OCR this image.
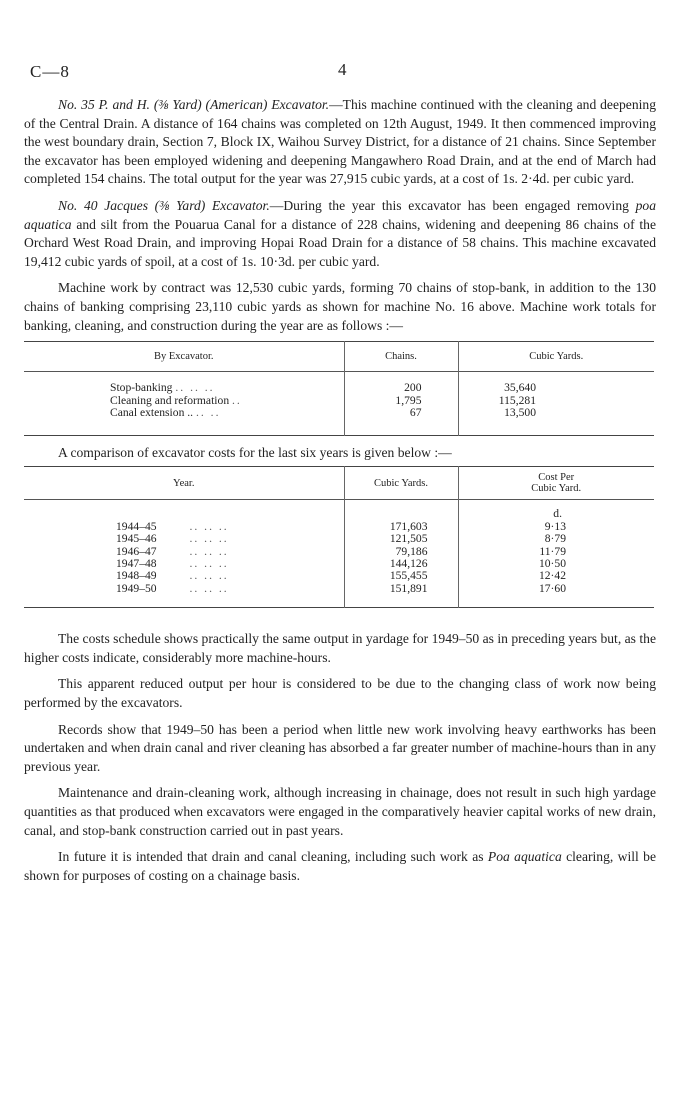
C—8	4

No. 35 P. and H. (⅜ Yard) (American) Excavator.—This machine continued with the cleaning and deepening of the Central Drain. A distance of 164 chains was completed on 12th August, 1949. It then commenced improving the west boundary drain, Section 7, Block IX, Waihou Survey District, for a distance of 21 chains. Since September the excavator has been employed widening and deepening Mangawhero Road Drain, and at the end of March had completed 154 chains. The total output for the year was 27,915 cubic yards, at a cost of 1s. 2·4d. per cubic yard.

No. 40 Jacques (⅜ Yard) Excavator.—During the year this excavator has been engaged removing poa aquatica and silt from the Pouarua Canal for a distance of 228 chains, widening and deepening 86 chains of the Orchard West Road Drain, and improving Hopai Road Drain for a distance of 58 chains. This machine excavated 19,412 cubic yards of spoil, at a cost of 1s. 10·3d. per cubic yard.

Machine work by contract was 12,530 cubic yards, forming 70 chains of stop-bank, in addition to the 130 chains of banking comprising 23,110 cubic yards as shown for machine No. 16 above. Machine work totals for banking, cleaning, and construction during the year are as follows :—

By Excavator.	Chains.	Cubic Yards.

Stop-banking .. .. ..	200	35,640
Cleaning and reformation ..	1,795	115,281
Canal extension .. .. ..	67	13,500

A comparison of excavator costs for the last six years is given below :—

Year.	Cubic Yards.	Cost Per
Cubic Yard.

		d.
1944–45 .. .. ..	171,603	9·13
1945–46 .. .. ..	121,505	8·79
1946–47 .. .. ..	79,186	11·79
1947–48 .. .. ..	144,126	10·50
1948–49 .. .. ..	155,455	12·42
1949–50 .. .. ..	151,891	17·60

The costs schedule shows practically the same output in yardage for 1949–50 as in preceding years but, as the higher costs indicate, considerably more machine-hours.

This apparent reduced output per hour is considered to be due to the changing class of work now being performed by the excavators.

Records show that 1949–50 has been a period when little new work involving heavy earthworks has been undertaken and when drain canal and river cleaning has absorbed a far greater number of machine-hours than in any previous year.

Maintenance and drain-cleaning work, although increasing in chainage, does not result in such high yardage quantities as that produced when excavators were engaged in the comparatively heavier capital works of new drain, canal, and stop-bank construction carried out in past years.

In future it is intended that drain and canal cleaning, including such work as Poa aquatica clearing, will be shown for purposes of costing on a chainage basis.
